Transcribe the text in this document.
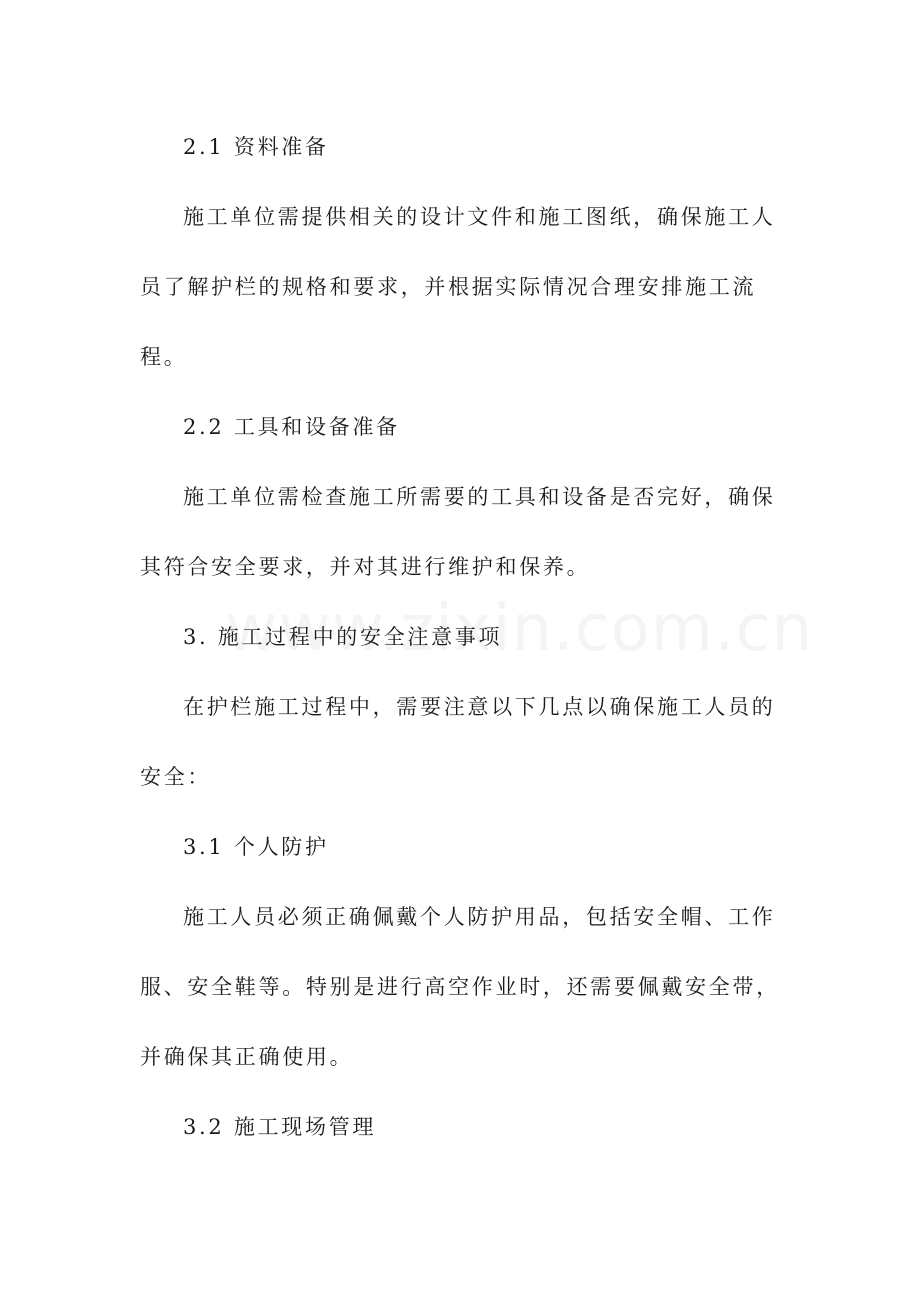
2.1 资料准备

施工单位需提供相关的设计文件和施工图纸，确保施工人员了解护栏的规格和要求，并根据实际情况合理安排施工流程。

2.2 工具和设备准备

施工单位需检查施工所需要的工具和设备是否完好，确保其符合安全要求，并对其进行维护和保养。

3. 施工过程中的安全注意事项

在护栏施工过程中，需要注意以下几点以确保施工人员的安全：

3.1 个人防护

施工人员必须正确佩戴个人防护用品，包括安全帽、工作服、安全鞋等。特别是进行高空作业时，还需要佩戴安全带，并确保其正确使用。

3.2 施工现场管理
